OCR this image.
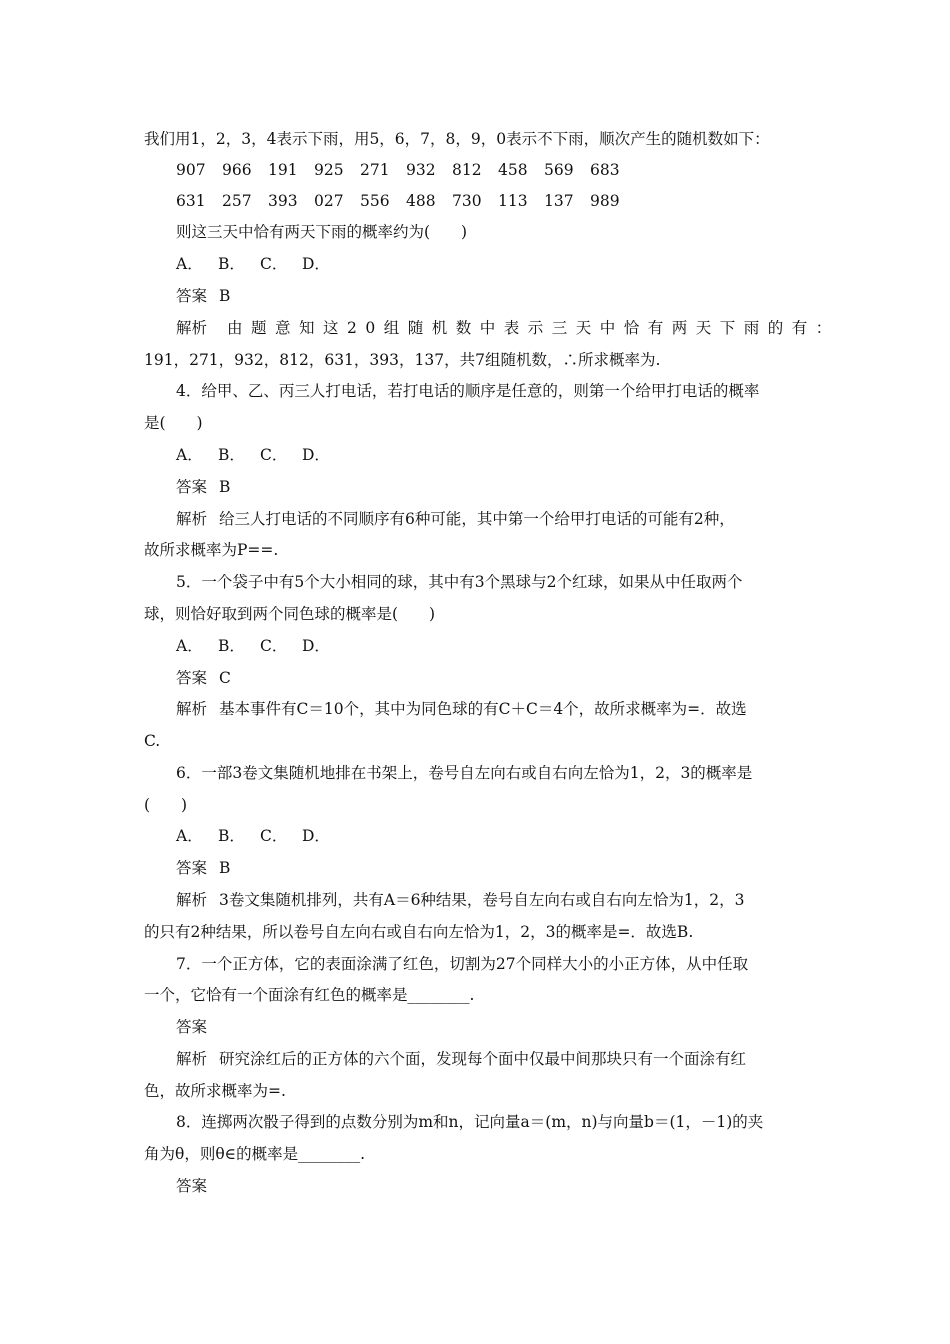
我们用1，2，3，4表示下雨，用5，6，7，8，9，0表示不下雨，顺次产生的随机数如下：
907 966 191 925 271 932 812 458 569 683
631 257 393 027 556 488 730 113 137 989
则这三天中恰有两天下雨的概率约为(　　)
A． B． C． D．
答案 B
解析 由题意知这20组随机数中表示三天中恰有两天下雨的有：
191，271，932，812，631，393，137，共7组随机数，∴所求概率为.
4．给甲、乙、丙三人打电话，若打电话的顺序是任意的，则第一个给甲打电话的概率
是(　　)
A． B． C． D．
答案 B
解析 给三人打电话的不同顺序有6种可能，其中第一个给甲打电话的可能有2种，
故所求概率为P==.
5．一个袋子中有5个大小相同的球，其中有3个黑球与2个红球，如果从中任取两个
球，则恰好取到两个同色球的概率是(　　)
A． B． C． D．
答案 C
解析 基本事件有C＝10个，其中为同色球的有C＋C＝4个，故所求概率为=．故选
C.
6．一部3卷文集随机地排在书架上，卷号自左向右或自右向左恰为1，2，3的概率是
(　　)
A． B． C． D．
答案 B
解析 3卷文集随机排列，共有A＝6种结果，卷号自左向右或自右向左恰为1，2，3
的只有2种结果，所以卷号自左向右或自右向左恰为1，2，3的概率是=．故选B.
7．一个正方体，它的表面涂满了红色，切割为27个同样大小的小正方体，从中任取
一个，它恰有一个面涂有红色的概率是________.
答案
解析 研究涂红后的正方体的六个面，发现每个面中仅最中间那块只有一个面涂有红
色，故所求概率为=.
8．连掷两次骰子得到的点数分别为m和n，记向量a＝(m，n)与向量b＝(1，－1)的夹
角为θ，则θ∈的概率是________.
答案
